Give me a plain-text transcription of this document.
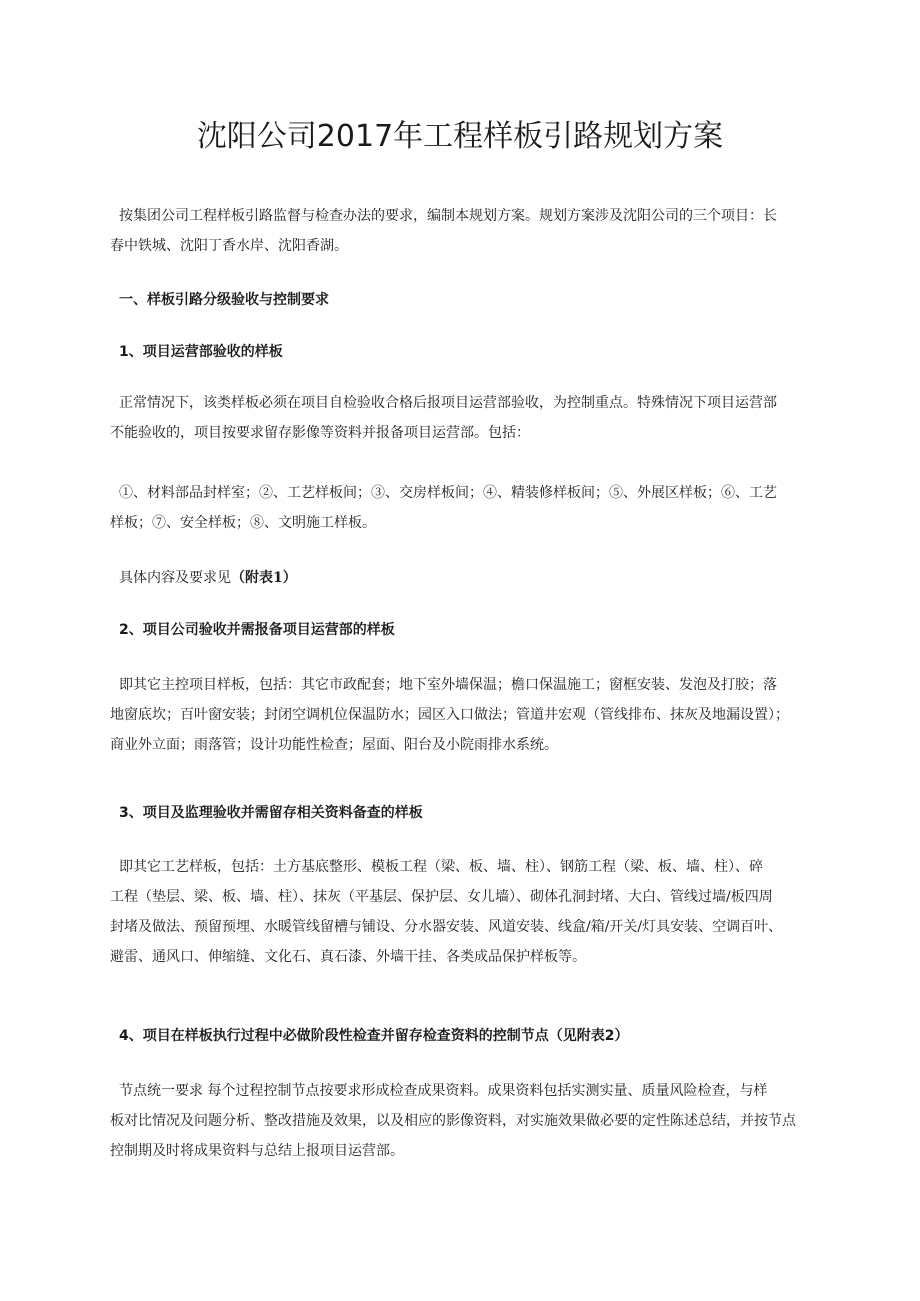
沈阳公司2017年工程样板引路规划方案
按集团公司工程样板引路监督与检查办法的要求，编制本规划方案。规划方案涉及沈阳公司的三个项目：长
春中铁城、沈阳丁香水岸、沈阳香湖。
一、样板引路分级验收与控制要求
1、项目运营部验收的样板
正常情况下，该类样板必须在项目自检验收合格后报项目运营部验收，为控制重点。特殊情况下项目运营部
不能验收的，项目按要求留存影像等资料并报备项目运营部。包括：
①、材料部品封样室；②、工艺样板间；③、交房样板间；④、精装修样板间；⑤、外展区样板；⑥、工艺
样板；⑦、安全样板；⑧、文明施工样板。
具体内容及要求见（附表1）
2、项目公司验收并需报备项目运营部的样板
即其它主控项目样板，包括：其它市政配套；地下室外墙保温；檐口保温施工；窗框安装、发泡及打胶；落
地窗底坎；百叶窗安装；封闭空调机位保温防水；园区入口做法；管道井宏观（管线排布、抹灰及地漏设置）；
商业外立面；雨落管；设计功能性检查；屋面、阳台及小院雨排水系统。
3、项目及监理验收并需留存相关资料备查的样板
即其它工艺样板，包括：土方基底整形、模板工程（梁、板、墙、柱）、钢筋工程（梁、板、墙、柱）、碎
工程（垫层、梁、板、墙、柱）、抹灰（平基层、保护层、女儿墙）、砌体孔洞封堵、大白、管线过墙/板四周
封堵及做法、预留预埋、水暖管线留槽与铺设、分水器安装、风道安装、线盒/箱/开关/灯具安装、空调百叶、
避雷、通风口、伸缩缝、文化石、真石漆、外墙干挂、各类成品保护样板等。
4、项目在样板执行过程中必做阶段性检查并留存检查资料的控制节点（见附表2）
节点统一要求 每个过程控制节点按要求形成检查成果资料。成果资料包括实测实量、质量风险检查，与样
板对比情况及问题分析、整改措施及效果，以及相应的影像资料，对实施效果做必要的定性陈述总结，并按节点
控制期及时将成果资料与总结上报项目运营部。
